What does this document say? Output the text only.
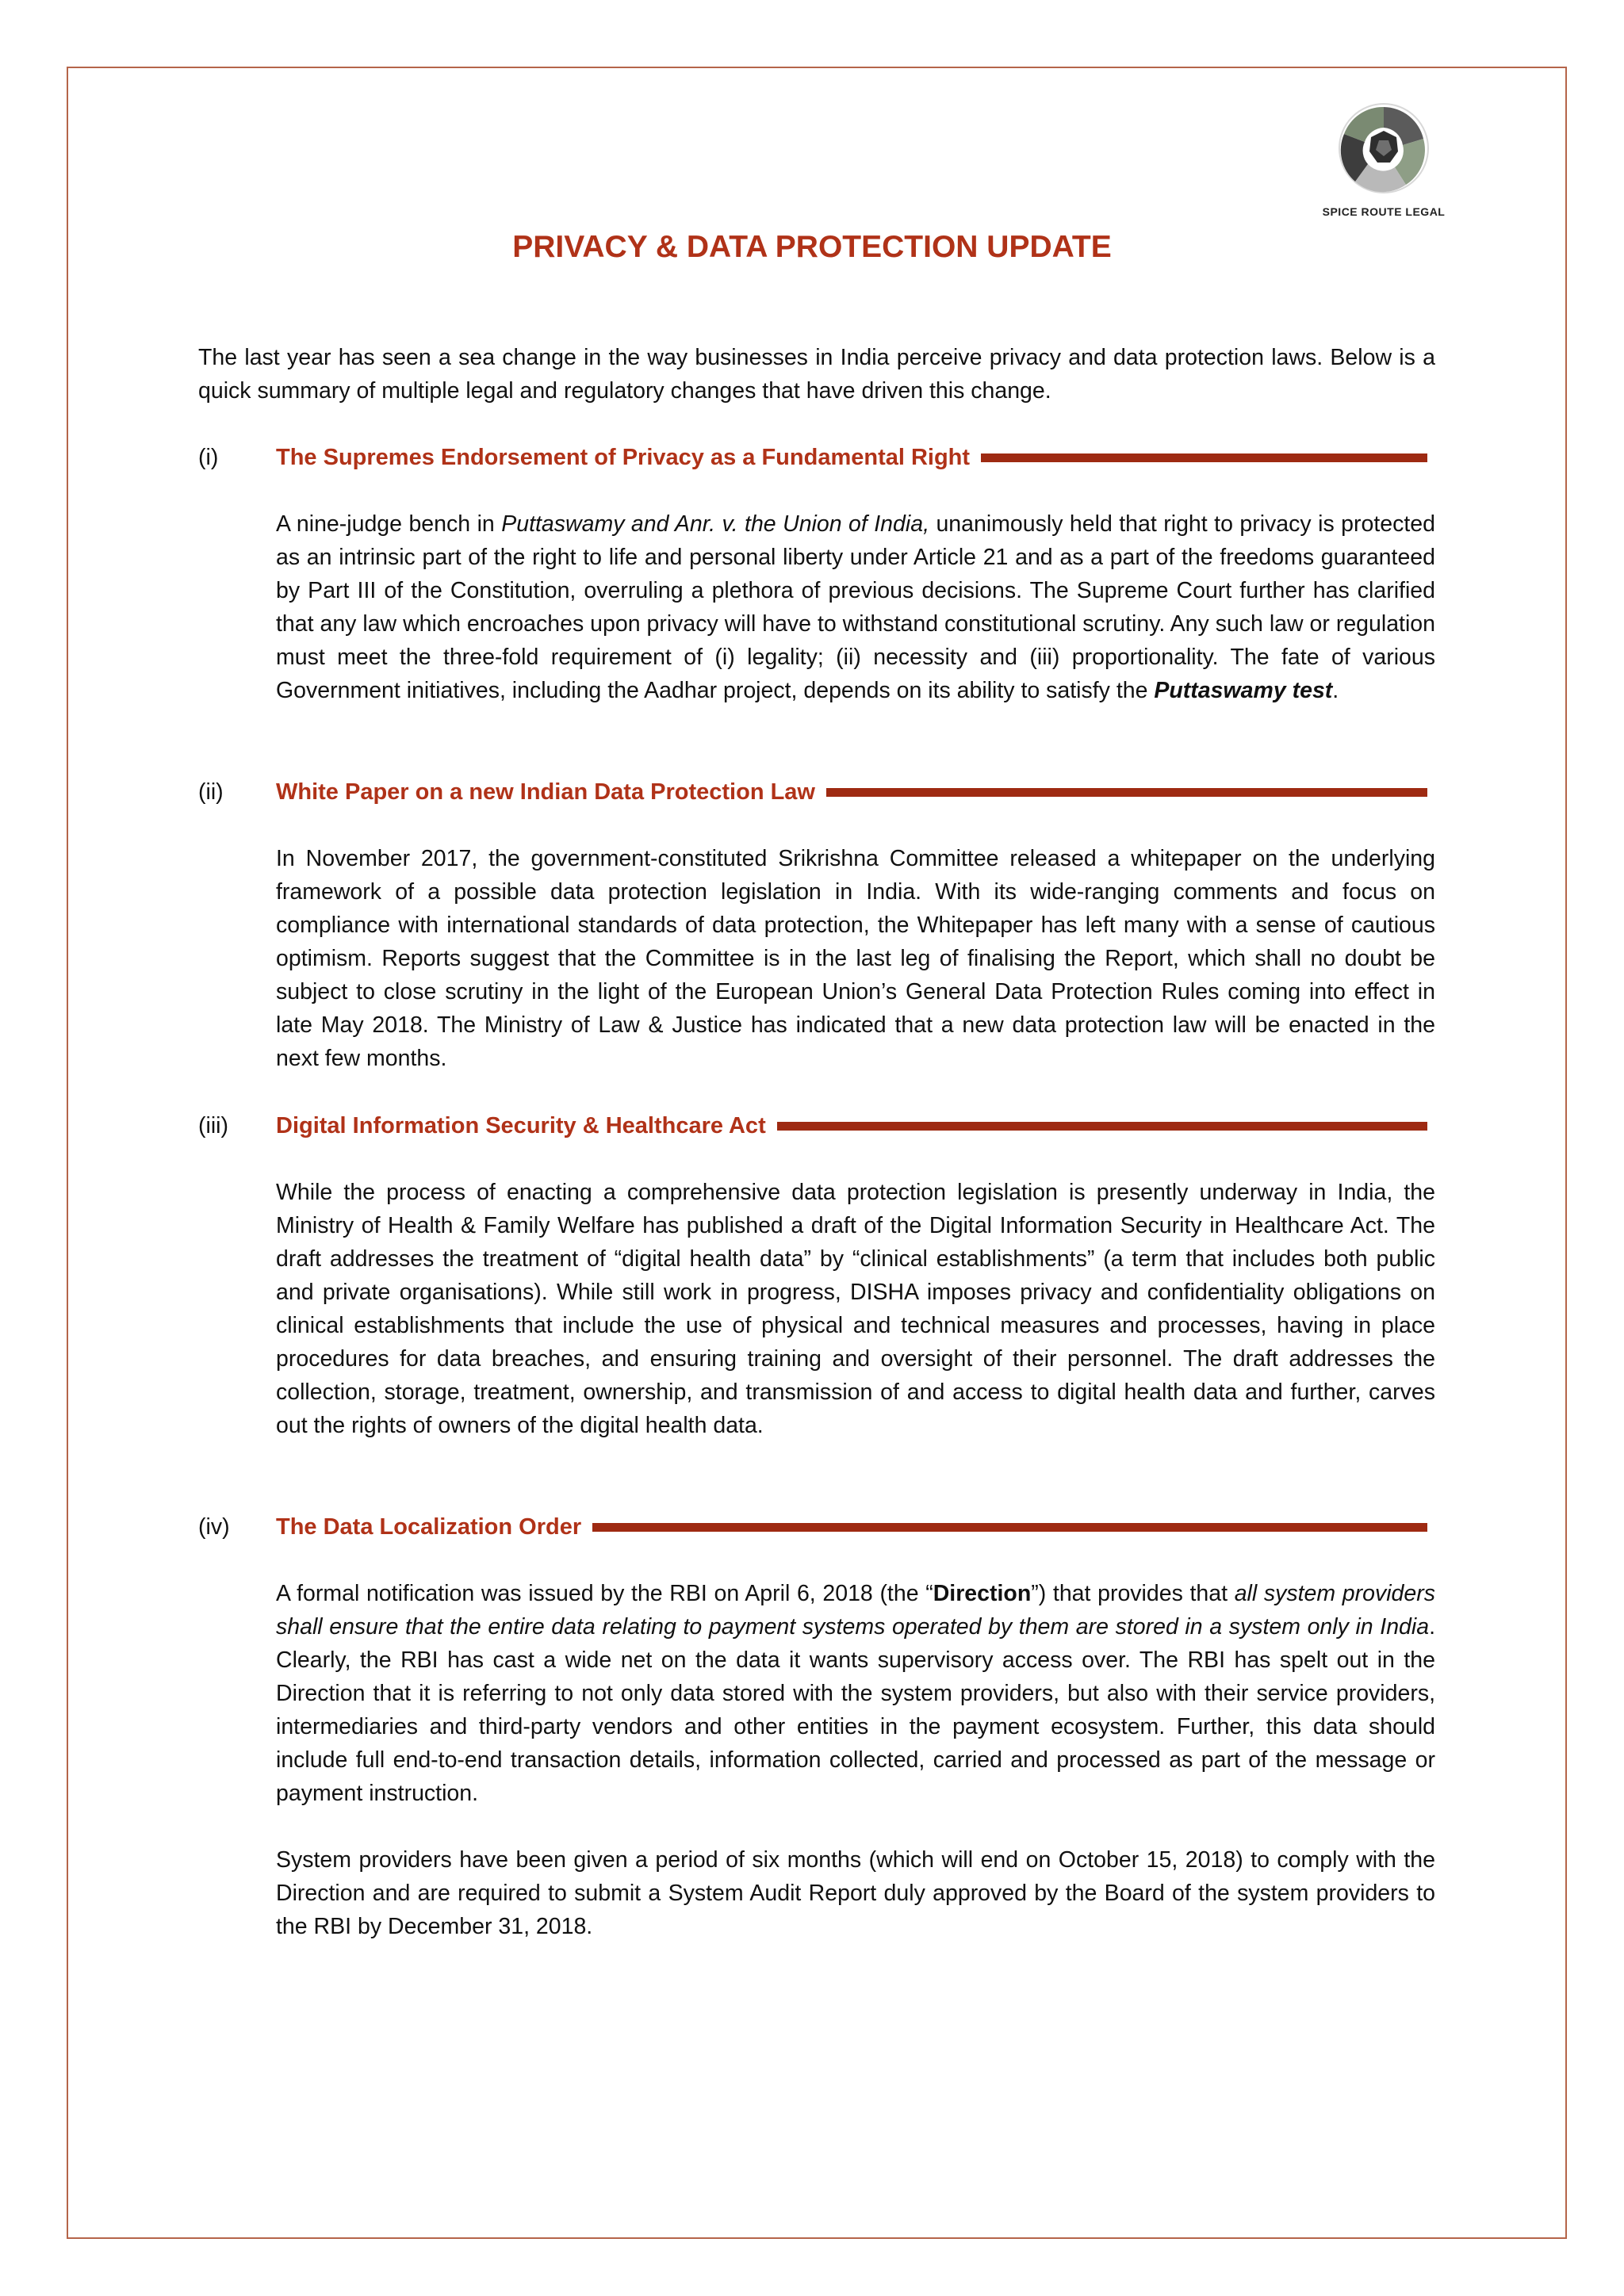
SPICE ROUTE LEGAL
PRIVACY & DATA PROTECTION UPDATE
The last year has seen a sea change in the way businesses in India perceive privacy and data protection laws. Below is a quick summary of multiple legal and regulatory changes that have driven this change.
(i)	The Supremes Endorsement of Privacy as a Fundamental Right

A nine-judge bench in Puttaswamy and Anr. v. the Union of India, unanimously held that right to privacy is protected as an intrinsic part of the right to life and personal liberty under Article 21 and as a part of the freedoms guaranteed by Part III of the Constitution, overruling a plethora of previous decisions. The Supreme Court further has clarified that any law which encroaches upon privacy will have to withstand constitutional scrutiny. Any such law or regulation must meet the three-fold requirement of (i) legality; (ii) necessity and (iii) proportionality. The fate of various Government initiatives, including the Aadhar project, depends on its ability to satisfy the Puttaswamy test.

(ii)	White Paper on a new Indian Data Protection Law

In November 2017, the government-constituted Srikrishna Committee released a whitepaper on the underlying framework of a possible data protection legislation in India. With its wide-ranging comments and focus on compliance with international standards of data protection, the Whitepaper has left many with a sense of cautious optimism. Reports suggest that the Committee is in the last leg of finalising the Report, which shall no doubt be subject to close scrutiny in the light of the European Union’s General Data Protection Rules coming into effect in late May 2018. The Ministry of Law & Justice has indicated that a new data protection law will be enacted in the next few months.

(iii)	Digital Information Security & Healthcare Act

While the process of enacting a comprehensive data protection legislation is presently underway in India, the Ministry of Health & Family Welfare has published a draft of the Digital Information Security in Healthcare Act. The draft addresses the treatment of “digital health data” by “clinical establishments” (a term that includes both public and private organisations). While still work in progress, DISHA imposes privacy and confidentiality obligations on clinical establishments that include the use of physical and technical measures and processes, having in place procedures for data breaches, and ensuring training and oversight of their personnel. The draft addresses the collection, storage, treatment, ownership, and transmission of and access to digital health data and further, carves out the rights of owners of the digital health data.

(iv)	The Data Localization Order

A formal notification was issued by the RBI on April 6, 2018 (the “Direction”) that provides that all system providers shall ensure that the entire data relating to payment systems operated by them are stored in a system only in India. Clearly, the RBI has cast a wide net on the data it wants supervisory access over. The RBI has spelt out in the Direction that it is referring to not only data stored with the system providers, but also with their service providers, intermediaries and third-party vendors and other entities in the payment ecosystem. Further, this data should include full end-to-end transaction details, information collected, carried and processed as part of the message or payment instruction.

System providers have been given a period of six months (which will end on October 15, 2018) to comply with the Direction and are required to submit a System Audit Report duly approved by the Board of the system providers to the RBI by December 31, 2018.
